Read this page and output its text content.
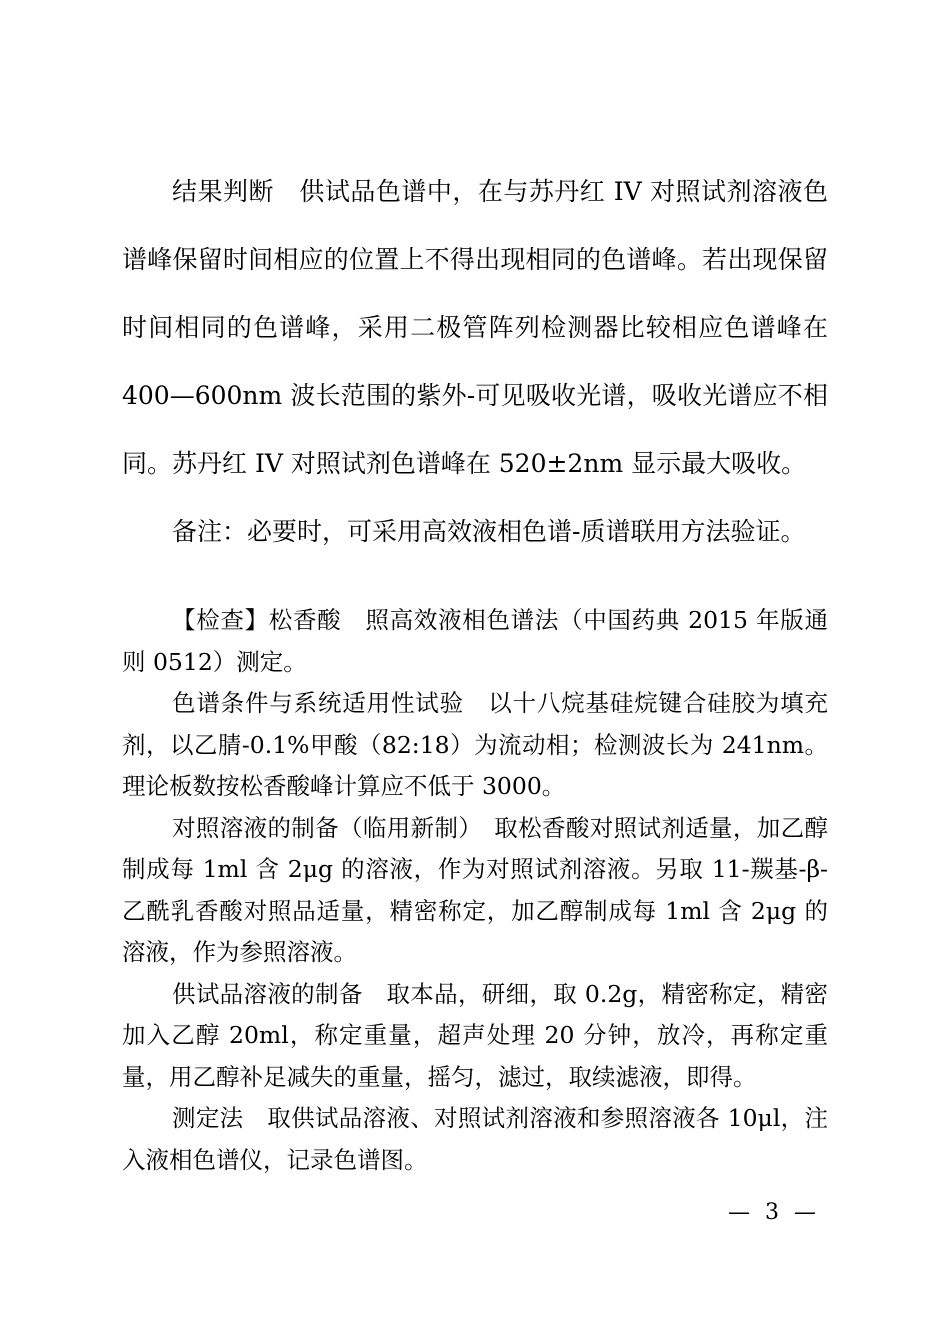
结果判断　供试品色谱中，在与苏丹红 IV 对照试剂溶液色谱峰保留时间相应的位置上不得出现相同的色谱峰。若出现保留时间相同的色谱峰，采用二极管阵列检测器比较相应色谱峰在 400—600nm 波长范围的紫外-可见吸收光谱，吸收光谱应不相同。苏丹红 IV 对照试剂色谱峰在 520±2nm 显示最大吸收。

备注：必要时，可采用高效液相色谱-质谱联用方法验证。

【检查】松香酸　照高效液相色谱法（中国药典 2015 年版通则 0512）测定。

色谱条件与系统适用性试验　以十八烷基硅烷键合硅胶为填充剂，以乙腈-0.1%甲酸（82:18）为流动相；检测波长为 241nm。理论板数按松香酸峰计算应不低于 3000。

对照溶液的制备（临用新制）　取松香酸对照试剂适量，加乙醇制成每 1ml 含 2μg 的溶液，作为对照试剂溶液。另取 11-羰基-β-乙酰乳香酸对照品适量，精密称定，加乙醇制成每 1ml 含 2μg 的溶液，作为参照溶液。

供试品溶液的制备　取本品，研细，取 0.2g，精密称定，精密加入乙醇 20ml，称定重量，超声处理 20 分钟，放冷，再称定重量，用乙醇补足减失的重量，摇匀，滤过，取续滤液，即得。

测定法　取供试品溶液、对照试剂溶液和参照溶液各 10μl，注入液相色谱仪，记录色谱图。

— 3 —
